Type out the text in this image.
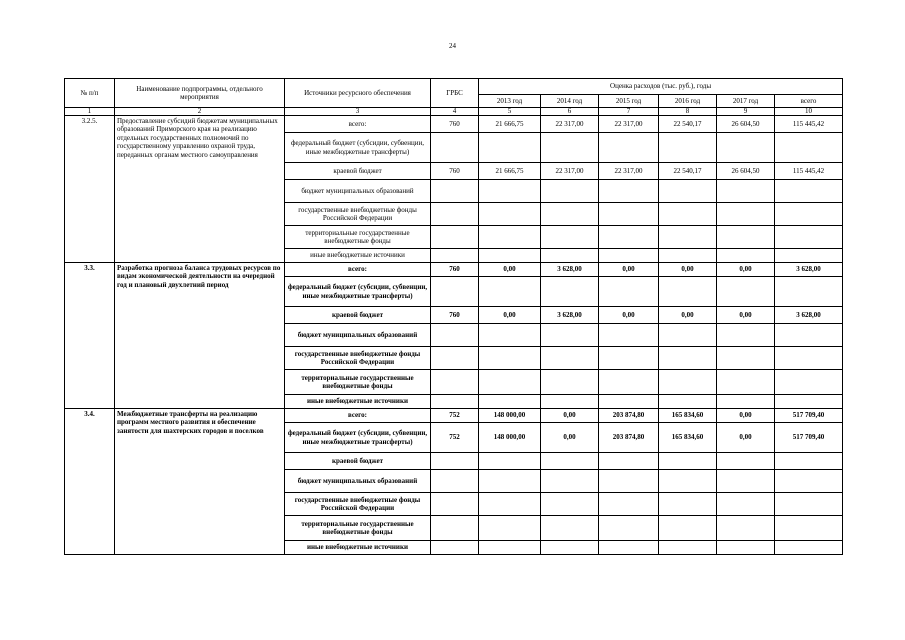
24
№ п/п	Наименование подпрограммы, отдельного мероприятия	Источники ресурсного обеспечения	ГРБС	Оценка расходов (тыс. руб.), годы					
				2013 год	2014 год	2015 год	2016 год	2017 год	всего
1	2	3	4	5	6	7	8	9	10
3.2.5.	Предоставление субсидий бюджетам муниципальных образований Приморского края на реализацию отдельных государственных полномочий по государственному управлению охраной труда, переданных органам местного самоуправления	всего:	760	21 666,75	22 317,00	22 317,00	22 540,17	26 604,50	115 445,42
		федеральный бюджет (субсидии, субвенции, иные межбюджетные трансферты)							
		краевой бюджет	760	21 666,75	22 317,00	22 317,00	22 540,17	26 604,50	115 445,42
		бюджет муниципальных образований							
		государственные внебюджетные фонды Российской Федерации							
		территориальные государственные внебюджетные фонды							
		иные внебюджетные источники							
3.3.	Разработка прогноза баланса трудовых ресурсов по видам экономической деятельности на очередной год и плановый двухлетний период	всего:	760	0,00	3 628,00	0,00	0,00	0,00	3 628,00
		федеральный бюджет (субсидии, субвенции, иные межбюджетные трансферты)							
		краевой бюджет	760	0,00	3 628,00	0,00	0,00	0,00	3 628,00
		бюджет муниципальных образований							
		государственные внебюджетные фонды Российской Федерации							
		территориальные государственные внебюджетные фонды							
		иные внебюджетные источники							
3.4.	Межбюджетные трансферты на реализацию программ местного развития и обеспечение занятости для шахтерских городов и поселков	всего:	752	148 000,00	0,00	203 874,80	165 834,60	0,00	517 709,40
		федеральный бюджет (субсидии, субвенции, иные межбюджетные трансферты)	752	148 000,00	0,00	203 874,80	165 834,60	0,00	517 709,40
		краевой бюджет							
		бюджет муниципальных образований							
		государственные внебюджетные фонды Российской Федерации							
		территориальные государственные внебюджетные фонды							
		иные внебюджетные источники							
